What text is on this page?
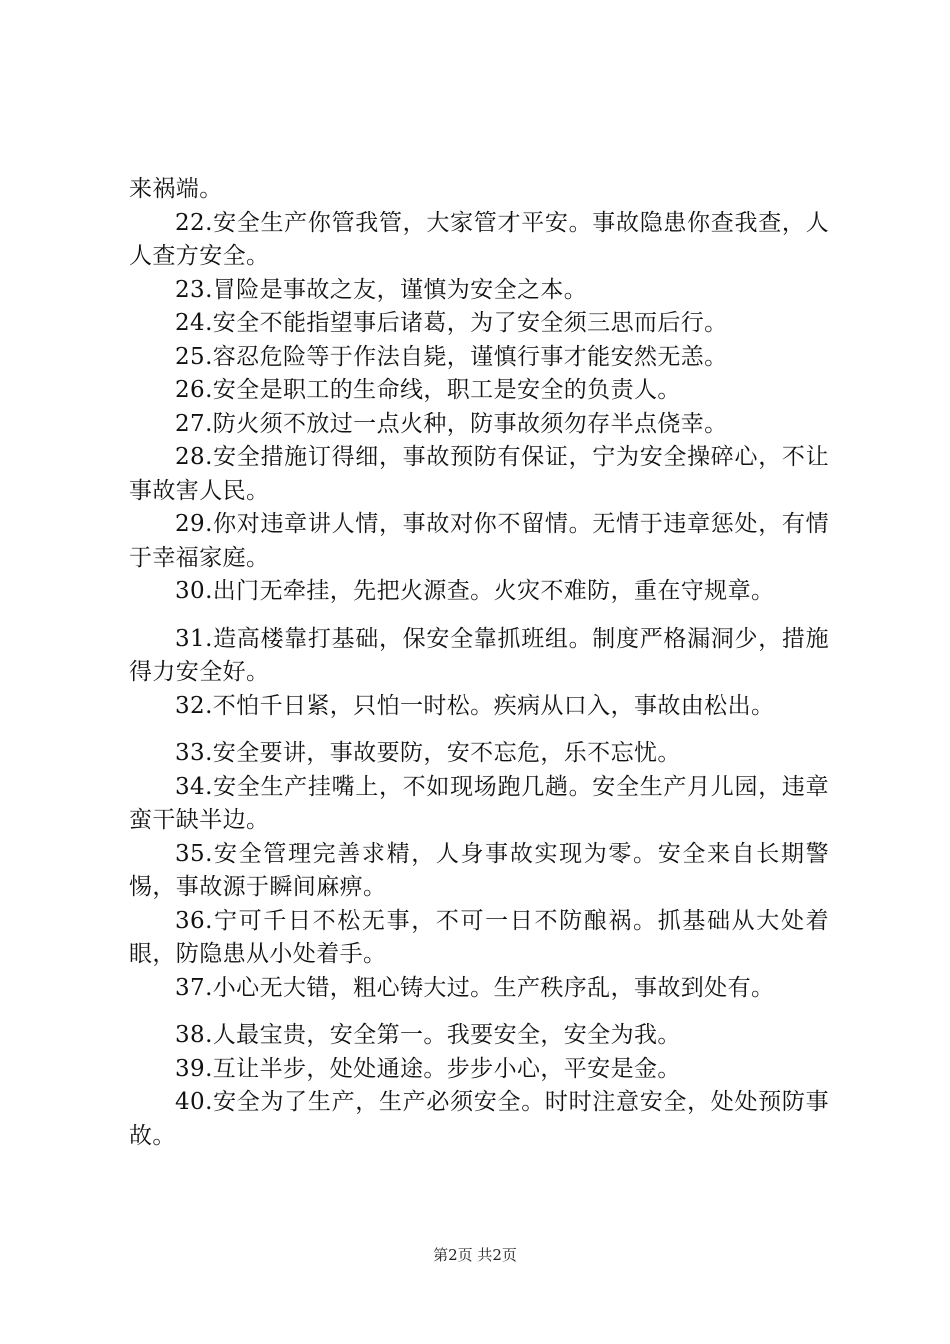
来祸端。

22.安全生产你管我管，大家管才平安。事故隐患你查我查，人人查方安全。

23.冒险是事故之友，谨慎为安全之本。

24.安全不能指望事后诸葛，为了安全须三思而后行。

25.容忍危险等于作法自毙，谨慎行事才能安然无恙。

26.安全是职工的生命线，职工是安全的负责人。

27.防火须不放过一点火种，防事故须勿存半点侥幸。

28.安全措施订得细，事故预防有保证，宁为安全操碎心，不让事故害人民。

29.你对违章讲人情，事故对你不留情。无情于违章惩处，有情于幸福家庭。

30.出门无牵挂，先把火源查。火灾不难防，重在守规章。

31.造高楼靠打基础，保安全靠抓班组。制度严格漏洞少，措施得力安全好。

32.不怕千日紧，只怕一时松。疾病从口入，事故由松出。

33.安全要讲，事故要防，安不忘危，乐不忘忧。

34.安全生产挂嘴上，不如现场跑几趟。安全生产月儿园，违章蛮干缺半边。

35.安全管理完善求精，人身事故实现为零。安全来自长期警惕，事故源于瞬间麻痹。

36.宁可千日不松无事，不可一日不防酿祸。抓基础从大处着眼，防隐患从小处着手。

37.小心无大错，粗心铸大过。生产秩序乱，事故到处有。

38.人最宝贵，安全第一。我要安全，安全为我。

39.互让半步，处处通途。步步小心，平安是金。

40.安全为了生产，生产必须安全。时时注意安全，处处预防事故。

第2页 共2页
